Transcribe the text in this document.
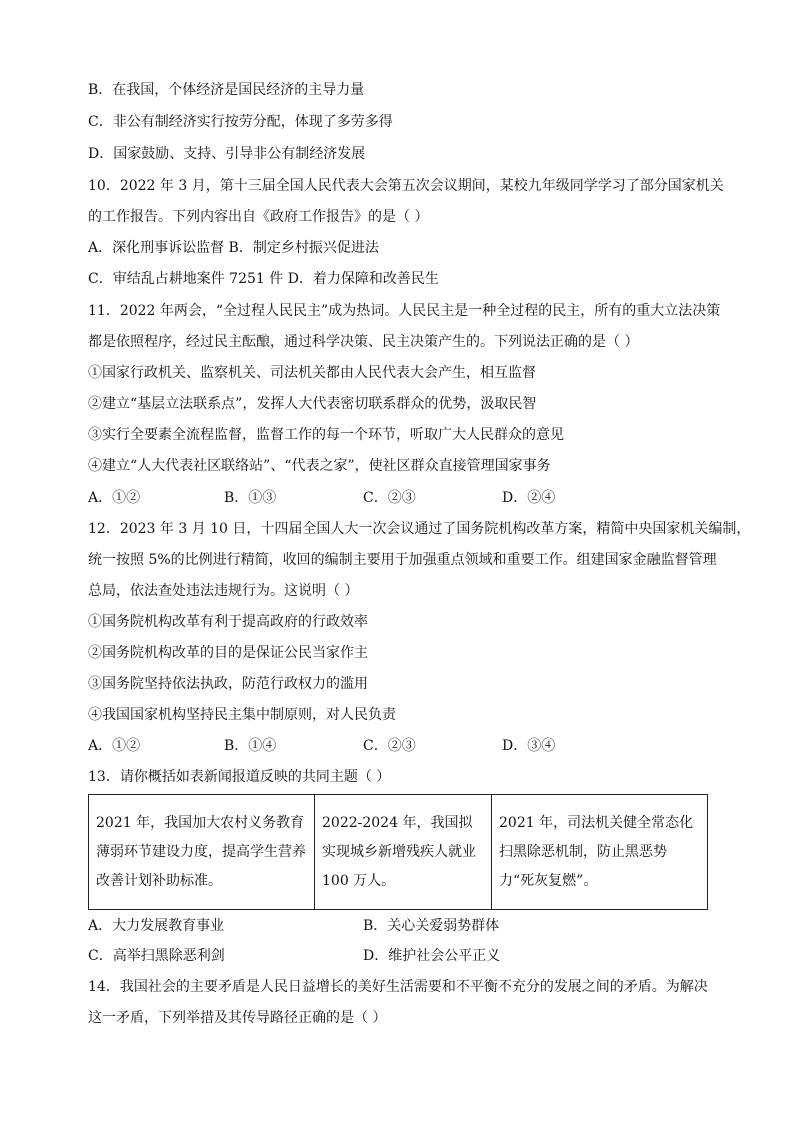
B．在我国，个体经济是国民经济的主导力量
C．非公有制经济实行按劳分配，体现了多劳多得
D．国家鼓励、支持、引导非公有制经济发展
10．2022 年 3 月，第十三届全国人民代表大会第五次会议期间，某校九年级同学学习了部分国家机关
的工作报告。下列内容出自《政府工作报告》的是（ ）
A．深化刑事诉讼监督 B．制定乡村振兴促进法
C．审结乱占耕地案件 7251 件 D．着力保障和改善民生
11．2022 年两会，“全过程人民民主”成为热词。人民民主是一种全过程的民主，所有的重大立法决策
都是依照程序，经过民主酝酿，通过科学决策、民主决策产生的。下列说法正确的是（ ）
①国家行政机关、监察机关、司法机关都由人民代表大会产生，相互监督
②建立“基层立法联系点”，发挥人大代表密切联系群众的优势，汲取民智
③实行全要素全流程监督，监督工作的每一个环节，听取广大人民群众的意见
④建立“人大代表社区联络站”、“代表之家”，使社区群众直接管理国家事务
A．①②	B．①③	C．②③	D．②④
12．2023 年 3 月 10 日，十四届全国人大一次会议通过了国务院机构改革方案，精简中央国家机关编制，
统一按照 5%的比例进行精简，收回的编制主要用于加强重点领域和重要工作。组建国家金融监督管理
总局，依法查处违法违规行为。这说明（ ）
①国务院机构改革有利于提高政府的行政效率
②国务院机构改革的目的是保证公民当家作主
③国务院坚持依法执政，防范行政权力的滥用
④我国国家机构坚持民主集中制原则，对人民负责
A．①②	B．①④	C．②③	D．③④
13．请你概括如表新闻报道反映的共同主题（ ）
2021 年，我国加大农村义务教育薄弱环节建设力度，提高学生营养改善计划补助标准。	2022-2024 年，我国拟实现城乡新增残疾人就业 100 万人。	2021 年，司法机关健全常态化扫黑除恶机制，防止黑恶势力“死灰复燃”。
A．大力发展教育事业	B．关心关爱弱势群体
C．高举扫黑除恶利剑	D．维护社会公平正义
14．我国社会的主要矛盾是人民日益增长的美好生活需要和不平衡不充分的发展之间的矛盾。为解决
这一矛盾，下列举措及其传导路径正确的是（ ）
